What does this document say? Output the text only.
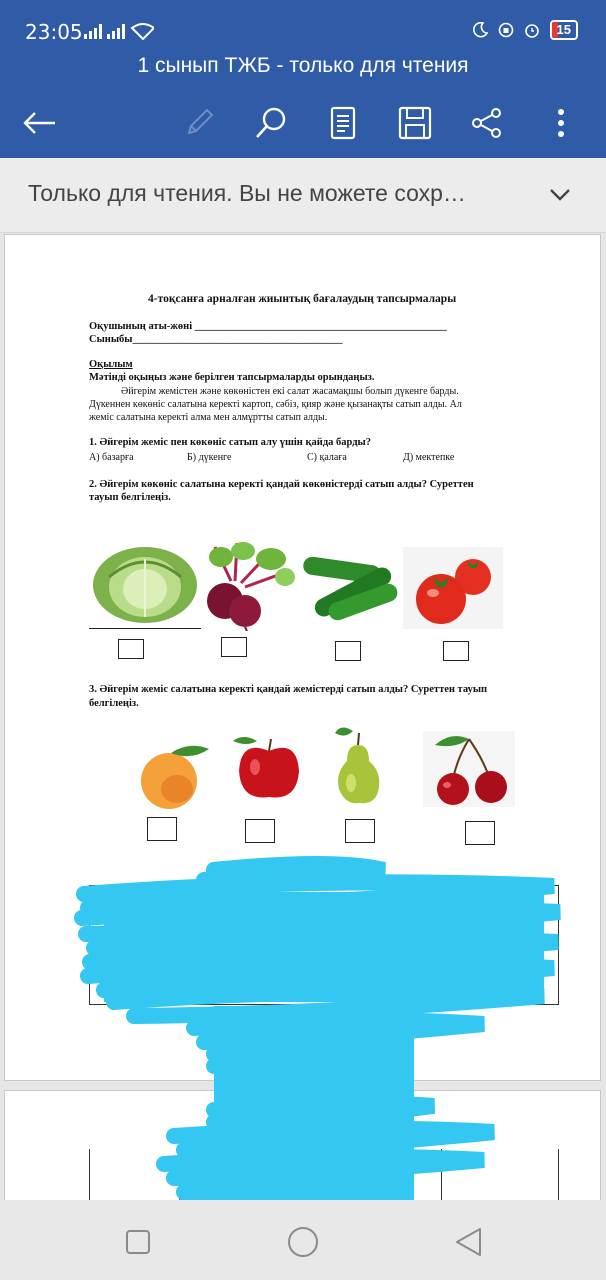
23:05	15
1 сынып ТЖБ - только для чтения
Только для чтения. Вы не можете сохр…
4-тоқсанға арналған жиынтық бағалаудың тапсырмалары
Оқушының аты-жөні ________________________________________________
Сыныбы________________________________________
Оқылым
Мәтінді оқыңыз және берілген тапсырмаларды орындаңыз.
Әйгерім жемістен және көкөністен екі салат жасамақшы болып дүкенге барды.
Дүкеннен көкөніс салатына керекті картоп, сәбіз, қияр және қызанақты сатып алды. Ал
жеміс салатына керекті алма мен алмұртты сатып алды.
1. Әйгерім жеміс пен көкөніс сатып алу үшін қайда барды?
А) базарға	Б) дүкенге	С) қалаға	Д) мектепке
2. Әйгерім көкөніс салатына керекті қандай көкөністерді сатып алды? Суреттен
тауып белгілеңіз.
3. Әйгерім жеміс салатына керекті қандай жемістерді сатып алды? Суреттен тауып
белгілеңіз.
